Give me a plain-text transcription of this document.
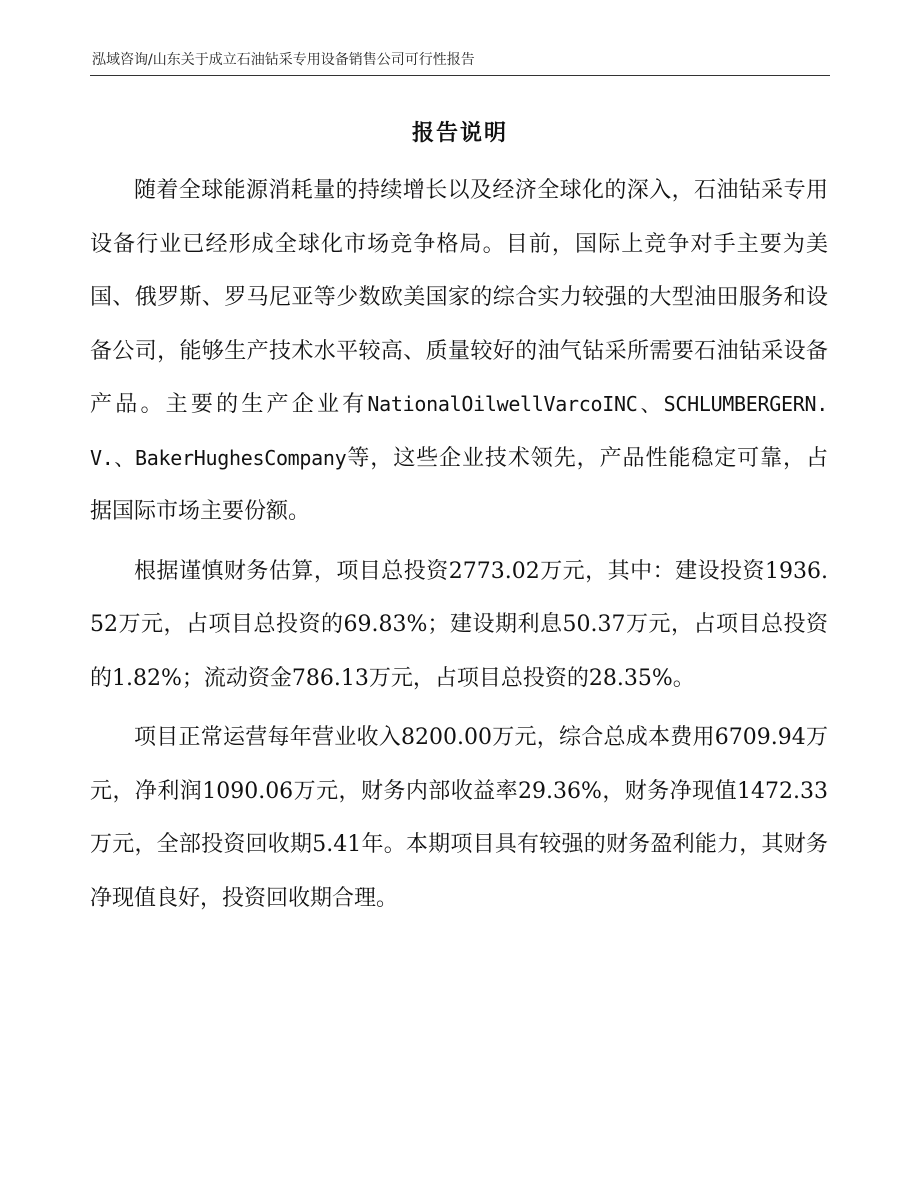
泓域咨询/山东关于成立石油钻采专用设备销售公司可行性报告
报告说明

随着全球能源消耗量的持续增长以及经济全球化的深入，石油钻采专用设备行业已经形成全球化市场竞争格局。目前，国际上竞争对手主要为美国、俄罗斯、罗马尼亚等少数欧美国家的综合实力较强的大型油田服务和设备公司，能够生产技术水平较高、质量较好的油气钻采所需要石油钻采设备产品。主要的生产企业有NationalOilwellVarcoINC、SCHLUMBERGERN.V.、BakerHughesCompany等，这些企业技术领先，产品性能稳定可靠，占据国际市场主要份额。

根据谨慎财务估算，项目总投资2773.02万元，其中：建设投资1936.52万元，占项目总投资的69.83%；建设期利息50.37万元，占项目总投资的1.82%；流动资金786.13万元，占项目总投资的28.35%。

项目正常运营每年营业收入8200.00万元，综合总成本费用6709.94万元，净利润1090.06万元，财务内部收益率29.36%，财务净现值1472.33万元，全部投资回收期5.41年。本期项目具有较强的财务盈利能力，其财务净现值良好，投资回收期合理。
